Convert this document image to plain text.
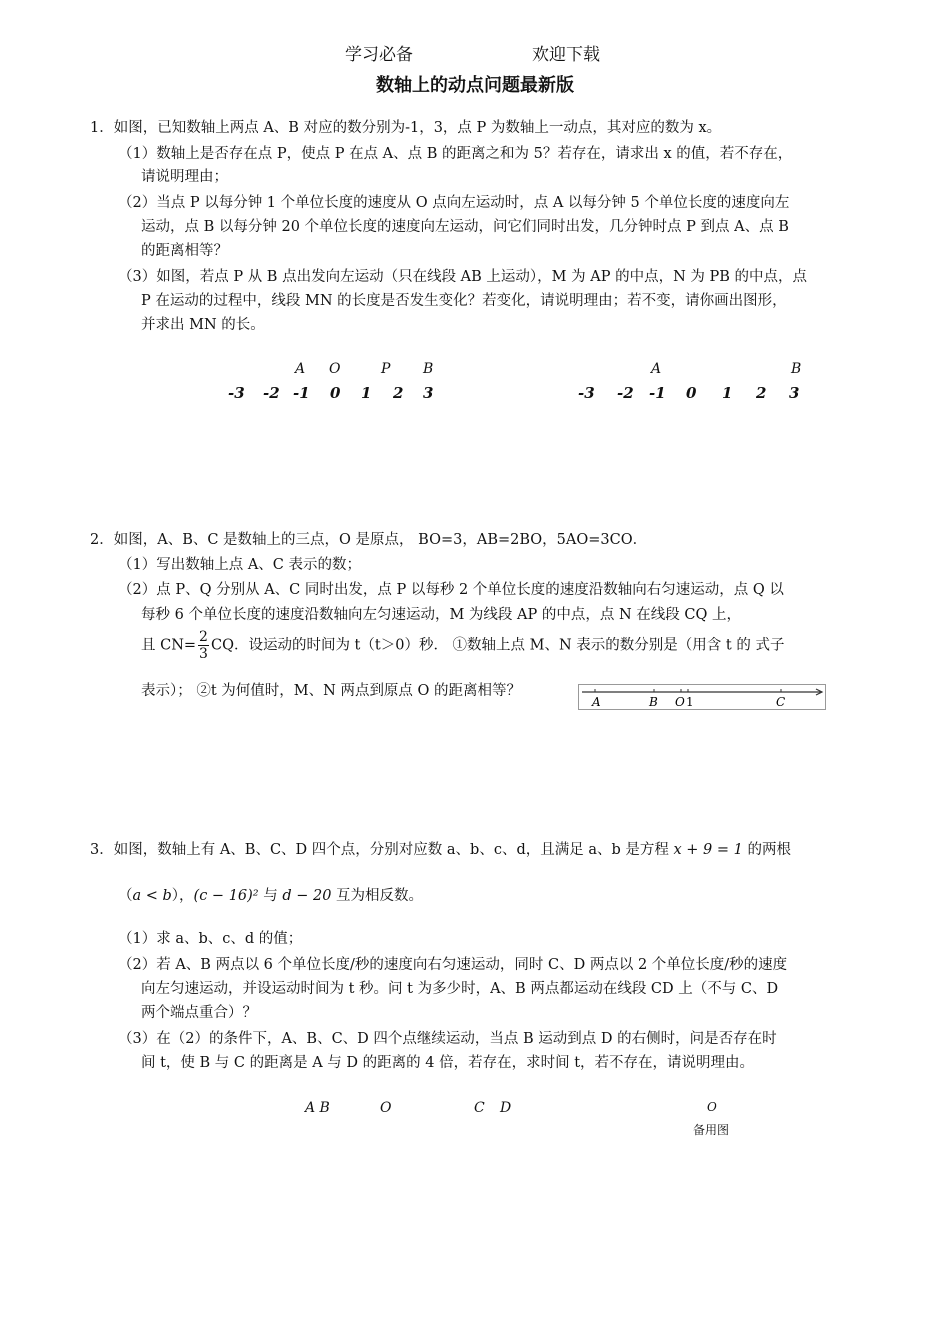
学习必备	欢迎下载
数轴上的动点问题最新版
1．如图，已知数轴上两点 A、B 对应的数分别为-1，3，点 P 为数轴上一动点，其对应的数为 x。
（1）数轴上是否存在点 P，使点 P 在点 A、点 B 的距离之和为 5？若存在，请求出 x 的值，若不存在，
请说明理由；
（2）当点 P 以每分钟 1 个单位长度的速度从 O 点向左运动时，点 A 以每分钟 5 个单位长度的速度向左
运动，点 B 以每分钟 20 个单位长度的速度向左运动，问它们同时出发，几分钟时点 P 到点 A、点 B
的距离相等？
（3）如图，若点 P 从 B 点出发向左运动（只在线段 AB 上运动），M 为 AP 的中点，N 为 PB 的中点，点
P 在运动的过程中，线段 MN 的长度是否发生变化？若变化，请说明理由；若不变，请你画出图形，
并求出 MN 的长。
A O	P B
-3 -2 -1 0 1 2 3
A	B
-3 -2 -1 0 1 2 3
2．如图，A、B、C 是数轴上的三点，O 是原点， BO=3，AB=2BO，5AO=3CO．
（1）写出数轴上点 A、C 表示的数；
（2）点 P、Q 分别从 A、C 同时出发，点 P 以每秒 2 个单位长度的速度沿数轴向右匀速运动，点 Q 以
每秒 6 个单位长度的速度沿数轴向左匀速运动，M 为线段 AP 的中点，点 N 在线段 CQ 上，
且 $CN= \frac{2}{3}$ CQ．设运动的时间为 t（t＞0）秒． ①数轴上点 M、N 表示的数分别是（用含 t 的 式子
表示）； ②t 为何值时，M、N 两点到原点 O 的距离相等？
A	B O 1	C
3．如图，数轴上有 A、B、C、D 四个点，分别对应数 a、b、c、d，且满足 a、b 是方程 x + 9 = 1 的两根
（a < b），(c − 16)² 与 d − 20 互为相反数。
（1）求 a、b、c、d 的值；
（2）若 A、B 两点以 6 个单位长度/秒的速度向右匀速运动，同时 C、D 两点以 2 个单位长度/秒的速度
向左匀速运动，并设运动时间为 t 秒。问 t 为多少时，A、B 两点都运动在线段 CD 上（不与 C、D
两个端点重合）？
（3）在（2）的条件下，A、B、C、D 四个点继续运动，当点 B 运动到点 D 的右侧时，问是否存在时
间 t，使 B 与 C 的距离是 A 与 D 的距离的 4 倍，若存在，求时间 t，若不存在，请说明理由。
A B	O	C D	O
备用图
